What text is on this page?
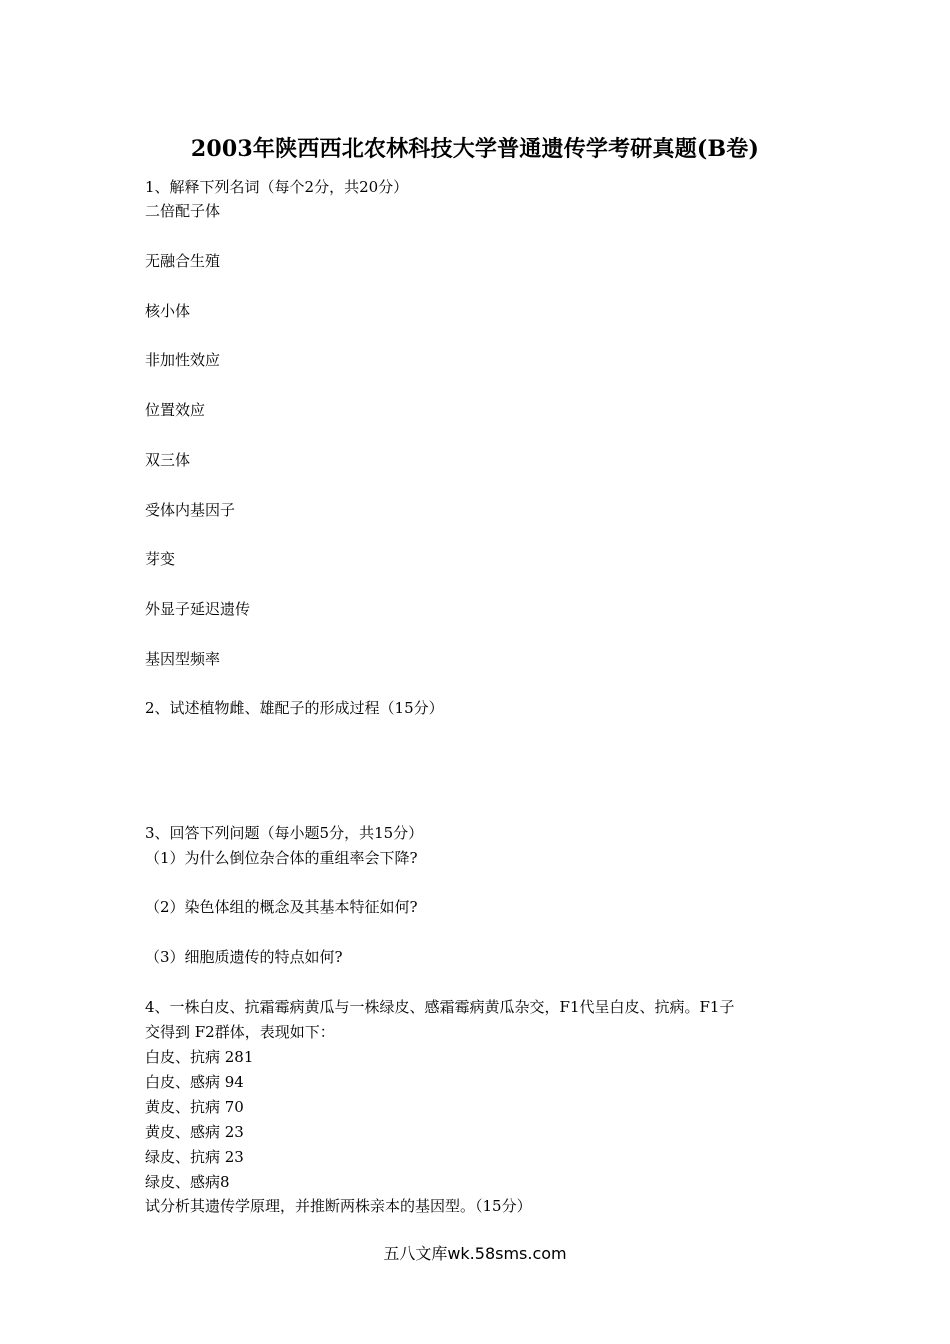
2003年陕西西北农林科技大学普通遗传学考研真题(B卷)
1、解释下列名词（每个2分，共20分）
二倍配子体
无融合生殖
核小体
非加性效应
位置效应
双三体
受体内基因子
芽变
外显子延迟遗传
基因型频率
2、试述植物雌、雄配子的形成过程（15分）
3、回答下列问题（每小题5分，共15分）
（1）为什么倒位杂合体的重组率会下降?
（2）染色体组的概念及其基本特征如何?
（3）细胞质遗传的特点如何?
4、一株白皮、抗霜霉病黄瓜与一株绿皮、感霜霉病黄瓜杂交，F1代呈白皮、抗病。F1子
交得到 F2群体，表现如下：
白皮、抗病 281
白皮、感病 94
黄皮、抗病 70
黄皮、感病 23
绿皮、抗病 23
绿皮、感病8
试分析其遗传学原理，并推断两株亲本的基因型。（15分）
五八文库wk.58sms.com
